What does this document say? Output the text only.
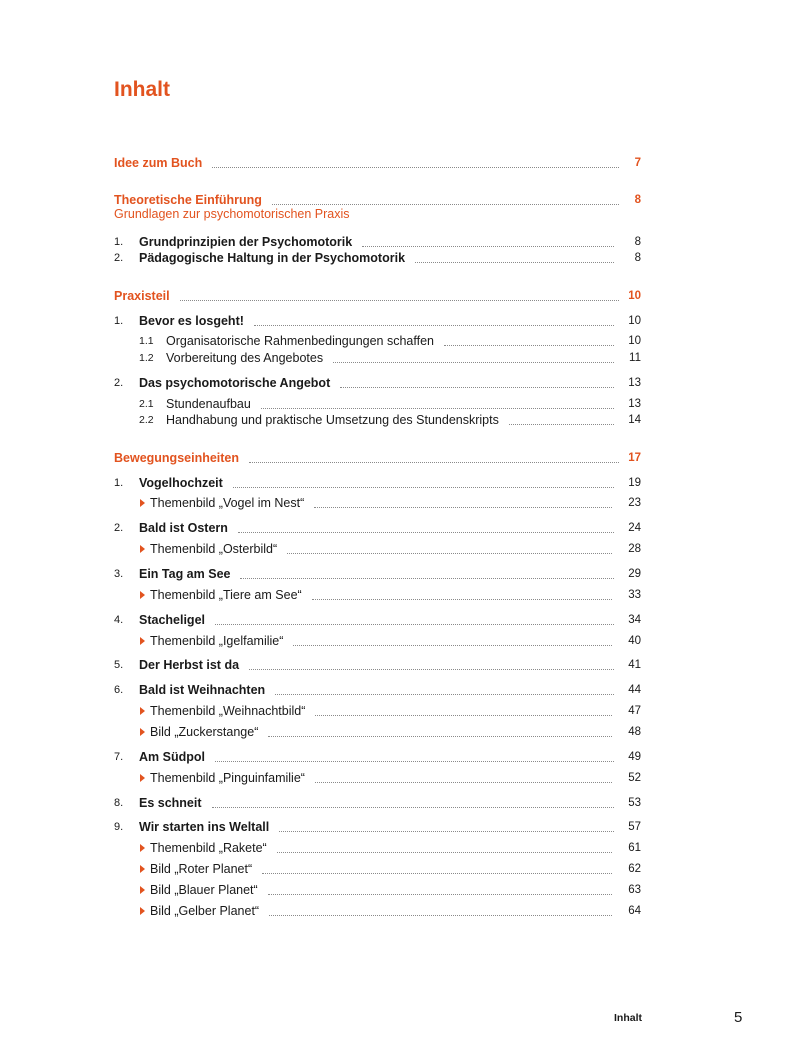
Inhalt
Grundlagen zur psychomotorischen Praxis
Idee zum Buch	7
Theoretische Einführung	8
1. Grundprinzipien der Psychomotorik	8
2. Pädagogische Haltung in der Psychomotorik	8
Praxisteil	10
1. Bevor es losgeht!	10
1.1 Organisatorische Rahmenbedingungen schaffen	10
1.2 Vorbereitung des Angebotes	11
2. Das psychomotorische Angebot	13
2.1 Stundenaufbau	13
2.2 Handhabung und praktische Umsetzung des Stundenskripts	14
Bewegungseinheiten	17
1. Vogelhochzeit	19
Themenbild „Vogel im Nest“	23
2. Bald ist Ostern	24
Themenbild „Osterbild“	28
3. Ein Tag am See	29
Themenbild „Tiere am See“	33
4. Stacheligel	34
Themenbild „Igelfamilie“	40
5. Der Herbst ist da	41
6. Bald ist Weihnachten	44
Themenbild „Weihnachtbild“	47
Bild „Zuckerstange“	48
7. Am Südpol	49
Themenbild „Pinguinfamilie“	52
8. Es schneit	53
9. Wir starten ins Weltall	57
Themenbild „Rakete“	61
Bild „Roter Planet“	62
Bild „Blauer Planet“	63
Bild „Gelber Planet“	64
Inhalt	5
